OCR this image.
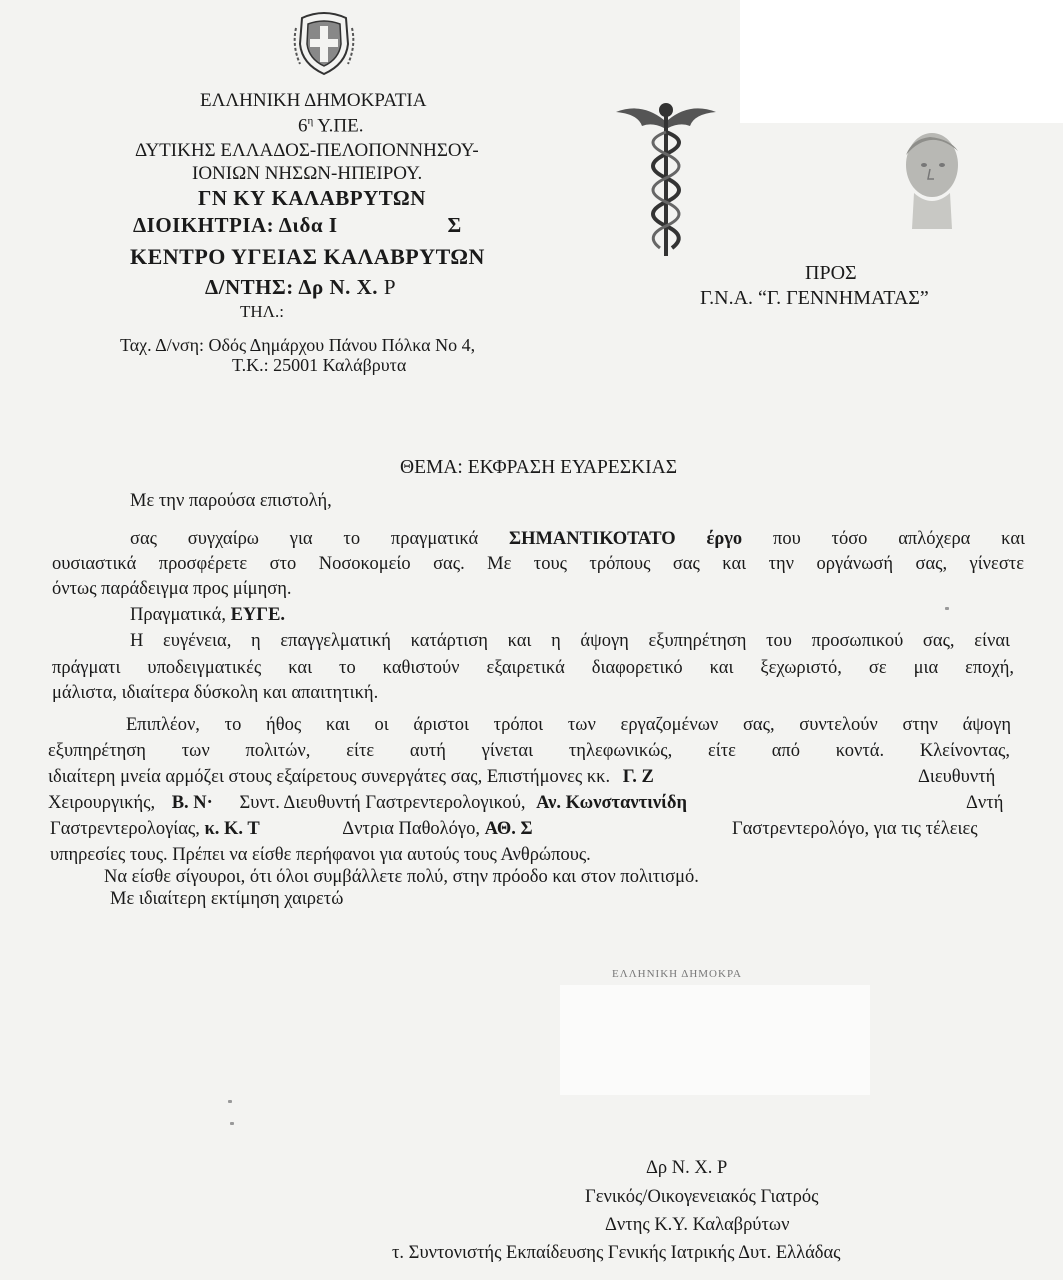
ΕΛΛΗΝΙΚΗ ΔΗΜΟΚΡΑΤΙΑ
$6^\eta$ Υ.ΠΕ.
ΔΥΤΙΚΗΣ ΕΛΛΑΔΟΣ-ΠΕΛΟΠΟΝΝΗΣΟΥ-
ΙΟΝΙΩΝ ΝΗΣΩΝ-ΗΠΕΙΡΟΥ.
ΓΝ ΚΥ ΚΑΛΑΒΡΥΤΩΝ
ΔΙΟΙΚΗΤΡΙΑ: Διδα Ι	Σ
ΚΕΝΤΡΟ ΥΓΕΙΑΣ ΚΑΛΑΒΡΥΤΩΝ
Δ/ΝΤΗΣ: Δρ Ν. Χ. Ρ
ΤΗΛ.:
Ταχ. Δ/νση: Οδός Δημάρχου Πάνου Πόλκα Νο 4,
Τ.Κ.: 25001 Καλάβρυτα
ΠΡΟΣ
Γ.Ν.Α. “Γ. ΓΕΝΝΗΜΑΤΑΣ”
ΘΕΜΑ: ΕΚΦΡΑΣΗ ΕΥΑΡΕΣΚΙΑΣ
Με την παρούσα επιστολή,
σας συγχαίρω για το πραγματικά ΣΗΜΑΝΤΙΚΟΤΑΤΟ έργο που τόσο απλόχερα και
ουσιαστικά προσφέρετε στο Νοσοκομείο σας. Με τους τρόπους σας και την οργάνωσή σας, γίνεστε
όντως παράδειγμα προς μίμηση.
Πραγματικά, ΕΥΓΕ.
Η ευγένεια, η επαγγελματική κατάρτιση και η άψογη εξυπηρέτηση του προσωπικού σας, είναι
πράγματι υποδειγματικές και το καθιστούν εξαιρετικά διαφορετικό και ξεχωριστό, σε μια εποχή,
μάλιστα, ιδιαίτερα δύσκολη και απαιτητική.
Επιπλέον, το ήθος και οι άριστοι τρόποι των εργαζομένων σας, συντελούν στην άψογη
εξυπηρέτηση των πολιτών, είτε αυτή γίνεται τηλεφωνικώς, είτε από κοντά. Κλείνοντας,
ιδιαίτερη μνεία αρμόζει στους εξαίρετους συνεργάτες σας, Επιστήμονες κκ. Γ. Ζ	Διευθυντή
Χειρουργικής, Β. Ν· Συντ. Διευθυντή Γαστρεντερολογικού, Αν. Κωνσταντινίδη	Δντή
Γαστρεντερολογίας, κ. Κ. Τ	Δντρια Παθολόγο, ΑΘ. Σ	Γαστρεντερολόγο, για τις τέλειες
υπηρεσίες τους. Πρέπει να είσθε περήφανοι για αυτούς τους Ανθρώπους.
Να είσθε σίγουροι, ότι όλοι συμβάλλετε πολύ, στην πρόοδο και στον πολιτισμό.
Με ιδιαίτερη εκτίμηση χαιρετώ
ΕΛΛΗΝΙΚΗ ΔΗΜΟΚΡΑ
Δρ Ν. Χ. Ρ
Γενικός/Οικογενειακός Γιατρός
Δντης Κ.Υ. Καλαβρύτων
τ. Συντονιστής Εκπαίδευσης Γενικής Ιατρικής Δυτ. Ελλάδας
